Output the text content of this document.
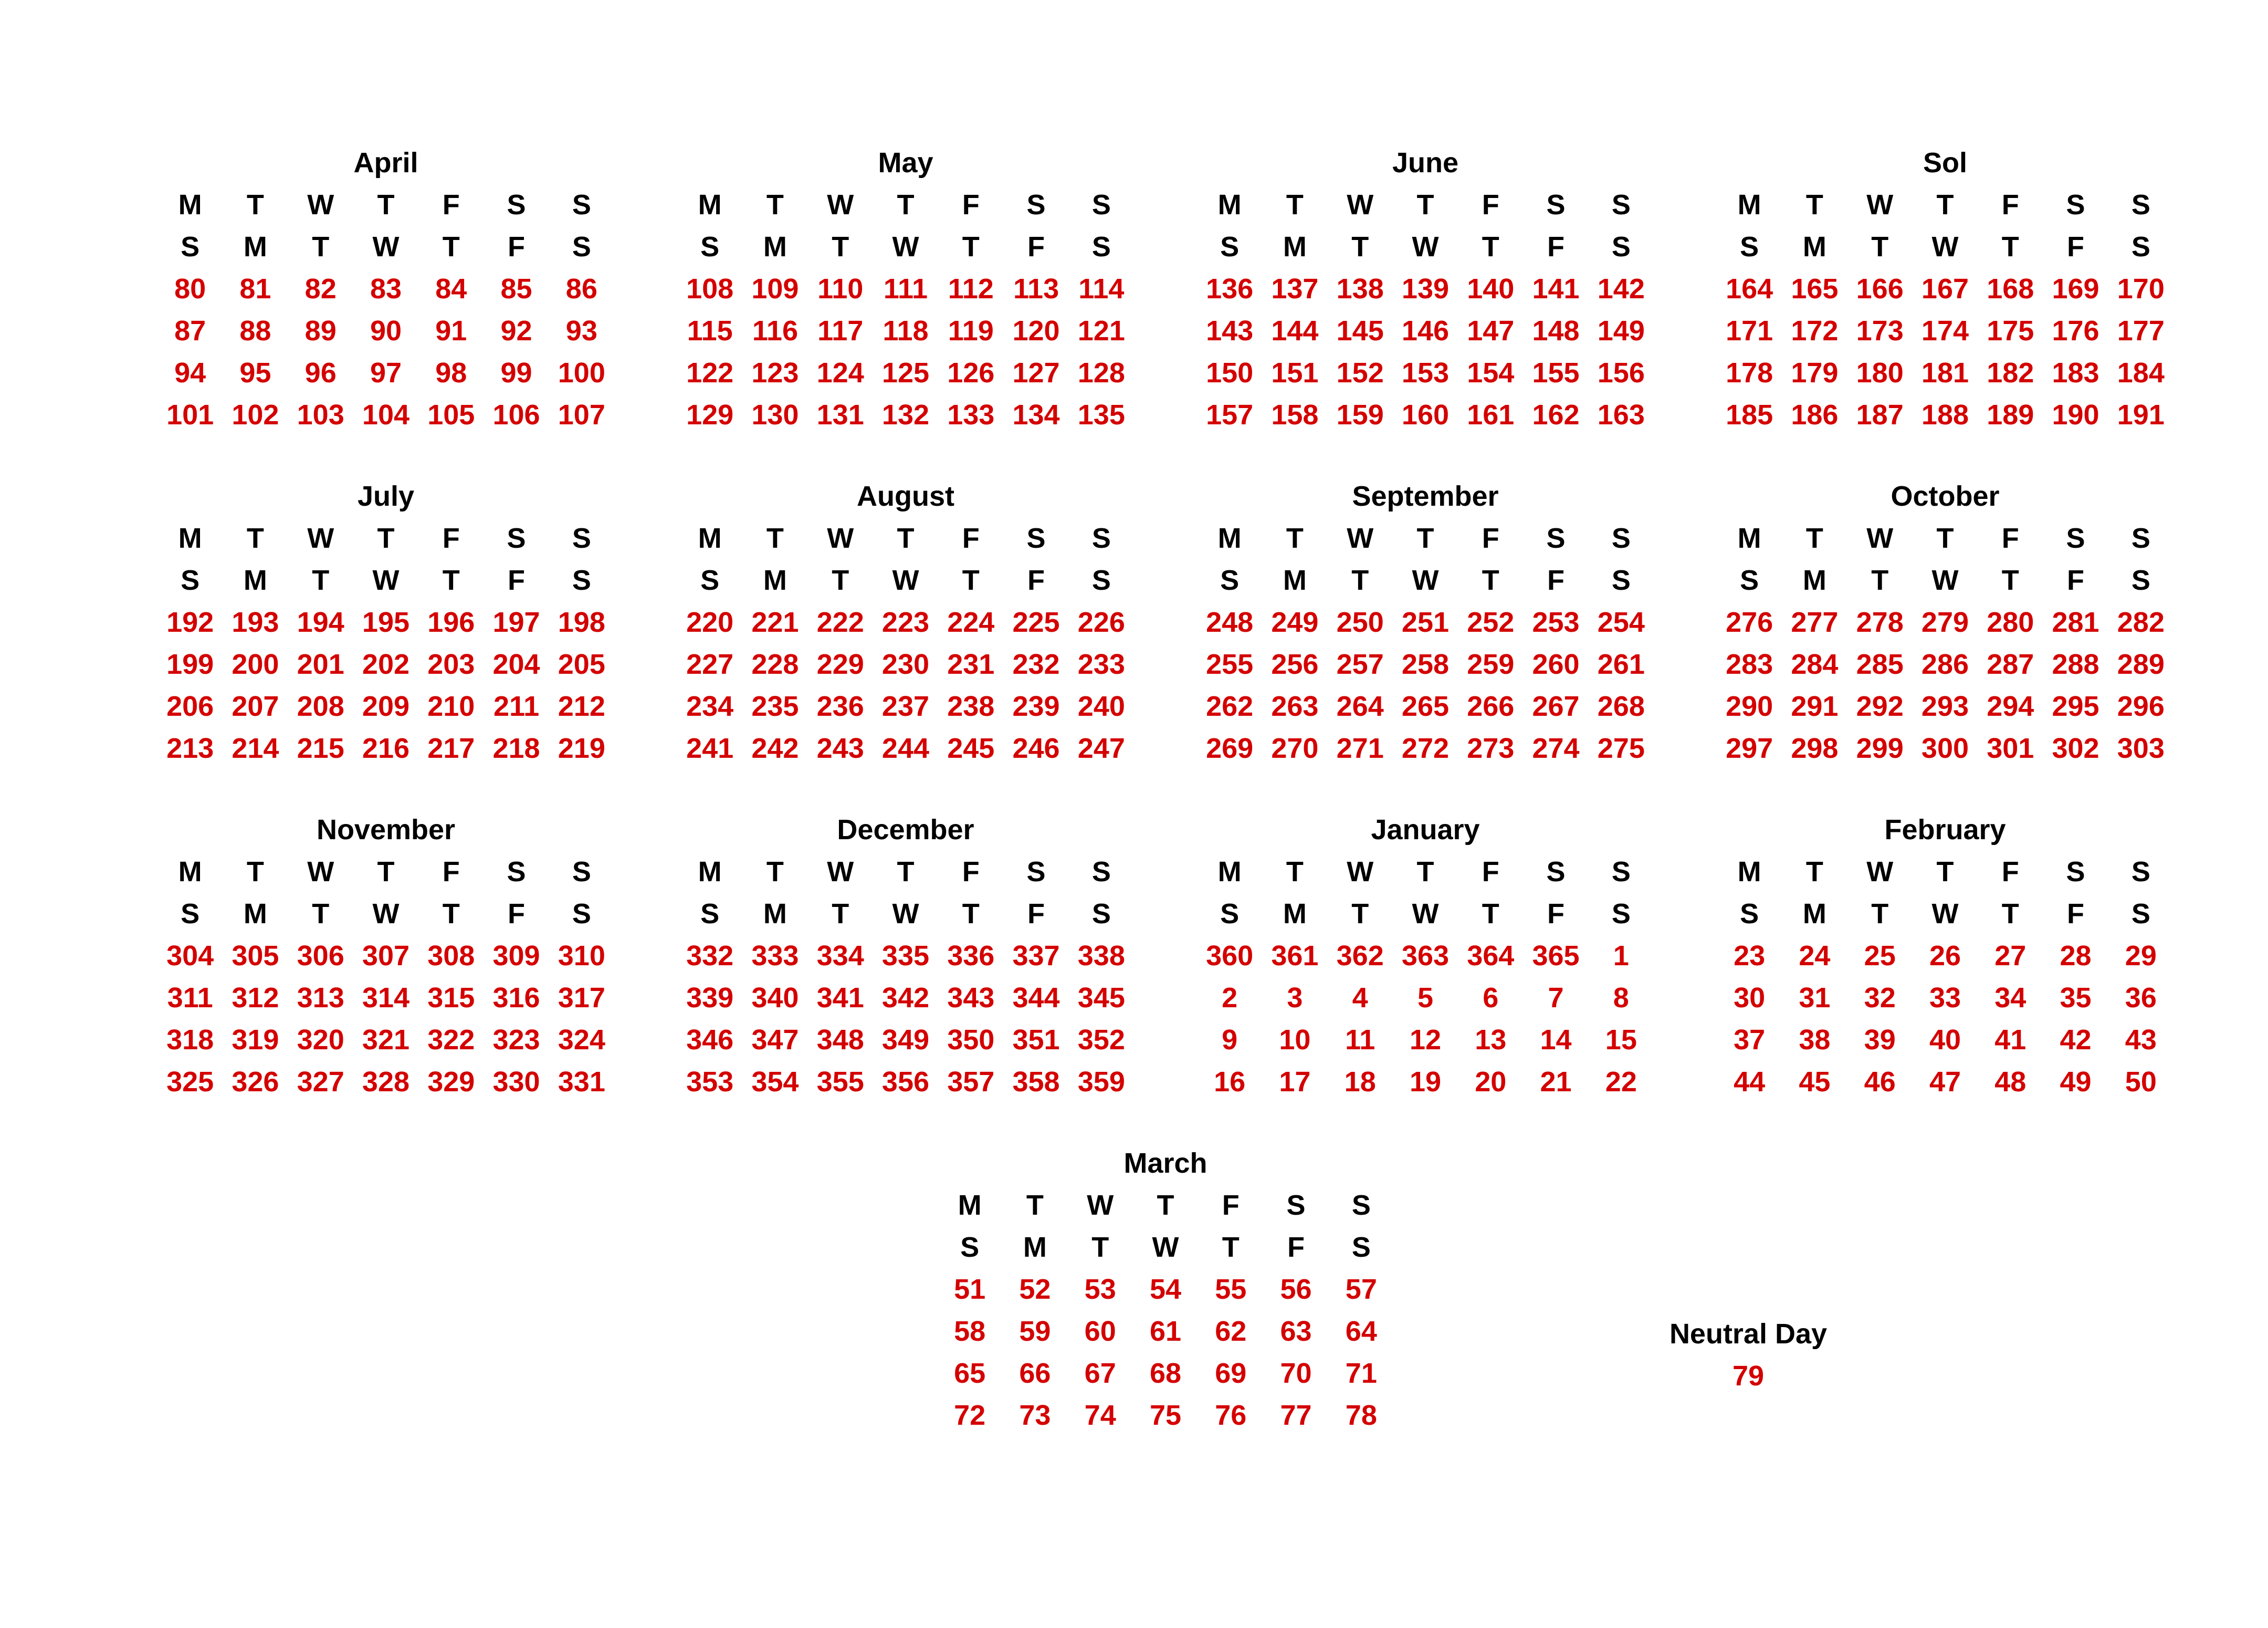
April
M	T	W	T	F	S	S
S	M	T	W	T	F	S
80	81	82	83	84	85	86
87	88	89	90	91	92	93
94	95	96	97	98	99 100
101 102 103 104 105 106 107
May
M	T	W	T	F	S	S
S	M	T	W	T	F	S
108 109 110 111 112 113 114
115 116 117 118 119 120 121
122 123 124 125 126 127 128
129 130 131 132 133 134 135
June
M	T	W	T	F	S	S
S	M	T	W	T	F	S
136 137 138 139 140 141 142
143 144 145 146 147 148 149
150 151 152 153 154 155 156
157 158 159 160 161 162 163
Sol
M	T	W	T	F	S	S
S	M	T	W	T	F	S
164 165 166 167 168 169 170
171 172 173 174 175 176 177
178 179 180 181 182 183 184
185 186 187 188 189 190 191
July
M	T	W	T	F	S	S
S	M	T	W	T	F	S
192 193 194 195 196 197 198
199 200 201 202 203 204 205
206 207 208 209 210 211 212
213 214 215 216 217 218 219
August
M	T	W	T	F	S	S
S	M	T	W	T	F	S
220 221 222 223 224 225 226
227 228 229 230 231 232 233
234 235 236 237 238 239 240
241 242 243 244 245 246 247
September
M	T	W	T	F	S	S
S	M	T	W	T	F	S
248 249 250 251 252 253 254
255 256 257 258 259 260 261
262 263 264 265 266 267 268
269 270 271 272 273 274 275
October
M	T	W	T	F	S	S
S	M	T	W	T	F	S
276 277 278 279 280 281 282
283 284 285 286 287 288 289
290 291 292 293 294 295 296
297 298 299 300 301 302 303
November
M	T	W	T	F	S	S
S	M	T	W	T	F	S
304 305 306 307 308 309 310
311 312 313 314 315 316 317
318 319 320 321 322 323 324
325 326 327 328 329 330 331
December
M	T	W	T	F	S	S
S	M	T	W	T	F	S
332 333 334 335 336 337 338
339 340 341 342 343 344 345
346 347 348 349 350 351 352
353 354 355 356 357 358 359
January
M	T	W	T	F	S	S
S	M	T	W	T	F	S
360 361 362 363 364 365	1
2	3	4	5	6	7	8
9	10	11	12	13	14	15
16	17	18	19	20	21	22
February
M	T	W	T	F	S	S
S	M	T	W	T	F	S
23	24	25	26	27	28	29
30	31	32	33	34	35	36
37	38	39	40	41	42	43
44	45	46	47	48	49	50
March
M	T	W	T	F	S	S
S	M	T	W	T	F	S
51	52	53	54	55	56	57
58	59	60	61	62	63	64
65	66	67	68	69	70	71
72	73	74	75	76	77	78
Neutral Day
79
